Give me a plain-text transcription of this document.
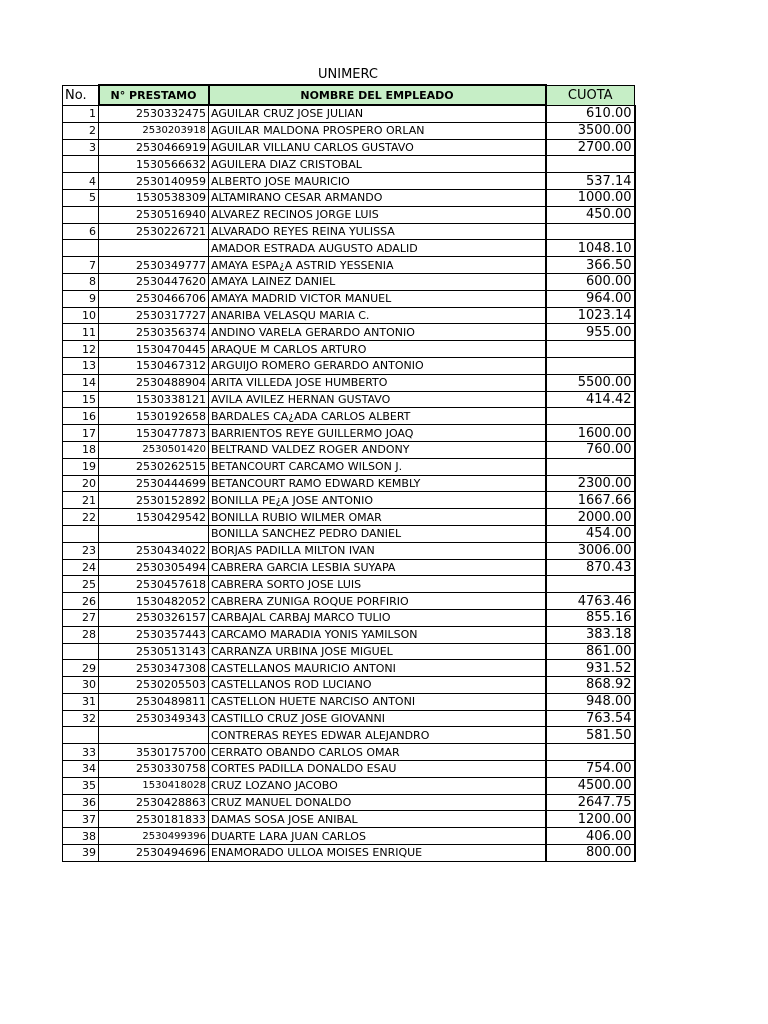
UNIMERC
No.	N° PRESTAMO	NOMBRE DEL EMPLEADO	CUOTA
1	2530332475	AGUILAR CRUZ JOSE JULIAN	610.00
2	2530203918	AGUILAR MALDONA PROSPERO ORLAN	3500.00
3	2530466919	AGUILAR VILLANU CARLOS GUSTAVO	2700.00
	1530566632	AGUILERA DIAZ CRISTOBAL	
4	2530140959	ALBERTO JOSE MAURICIO	537.14
5	1530538309	ALTAMIRANO CESAR ARMANDO	1000.00
	2530516940	ALVAREZ RECINOS JORGE LUIS	450.00
6	2530226721	ALVARADO REYES REINA YULISSA	
		AMADOR ESTRADA AUGUSTO ADALID	1048.10
7	2530349777	AMAYA ESPA¿A ASTRID YESSENIA	366.50
8	2530447620	AMAYA LAINEZ DANIEL	600.00
9	2530466706	AMAYA MADRID VICTOR MANUEL	964.00
10	2530317727	ANARIBA VELASQU MARIA C.	1023.14
11	2530356374	ANDINO VARELA GERARDO ANTONIO	955.00
12	1530470445	ARAQUE M CARLOS ARTURO	
13	1530467312	ARGUIJO ROMERO GERARDO ANTONIO	
14	2530488904	ARITA VILLEDA JOSE HUMBERTO	5500.00
15	1530338121	AVILA AVILEZ HERNAN GUSTAVO	414.42
16	1530192658	BARDALES CA¿ADA CARLOS ALBERT	
17	1530477873	BARRIENTOS REYE GUILLERMO JOAQ	1600.00
18	2530501420	BELTRAND VALDEZ ROGER ANDONY	760.00
19	2530262515	BETANCOURT CARCAMO WILSON J.	
20	2530444699	BETANCOURT RAMO EDWARD KEMBLY	2300.00
21	2530152892	BONILLA PE¿A JOSE ANTONIO	1667.66
22	1530429542	BONILLA RUBIO WILMER OMAR	2000.00
		BONILLA SANCHEZ PEDRO DANIEL	454.00
23	2530434022	BORJAS PADILLA MILTON IVAN	3006.00
24	2530305494	CABRERA GARCIA LESBIA SUYAPA	870.43
25	2530457618	CABRERA SORTO JOSE LUIS	
26	1530482052	CABRERA ZUNIGA ROQUE PORFIRIO	4763.46
27	2530326157	CARBAJAL CARBAJ MARCO TULIO	855.16
28	2530357443	CARCAMO MARADIA YONIS YAMILSON	383.18
	2530513143	CARRANZA URBINA JOSE MIGUEL	861.00
29	2530347308	CASTELLANOS MAURICIO ANTONI	931.52
30	2530205503	CASTELLANOS ROD LUCIANO	868.92
31	2530489811	CASTELLON HUETE NARCISO ANTONI	948.00
32	2530349343	CASTILLO CRUZ JOSE GIOVANNI	763.54
		CONTRERAS REYES EDWAR ALEJANDRO	581.50
33	3530175700	CERRATO OBANDO CARLOS OMAR	
34	2530330758	CORTES PADILLA DONALDO ESAU	754.00
35	1530418028	CRUZ LOZANO JACOBO	4500.00
36	2530428863	CRUZ MANUEL DONALDO	2647.75
37	2530181833	DAMAS SOSA JOSE ANIBAL	1200.00
38	2530499396	DUARTE LARA JUAN CARLOS	406.00
39	2530494696	ENAMORADO ULLOA MOISES ENRIQUE	800.00
